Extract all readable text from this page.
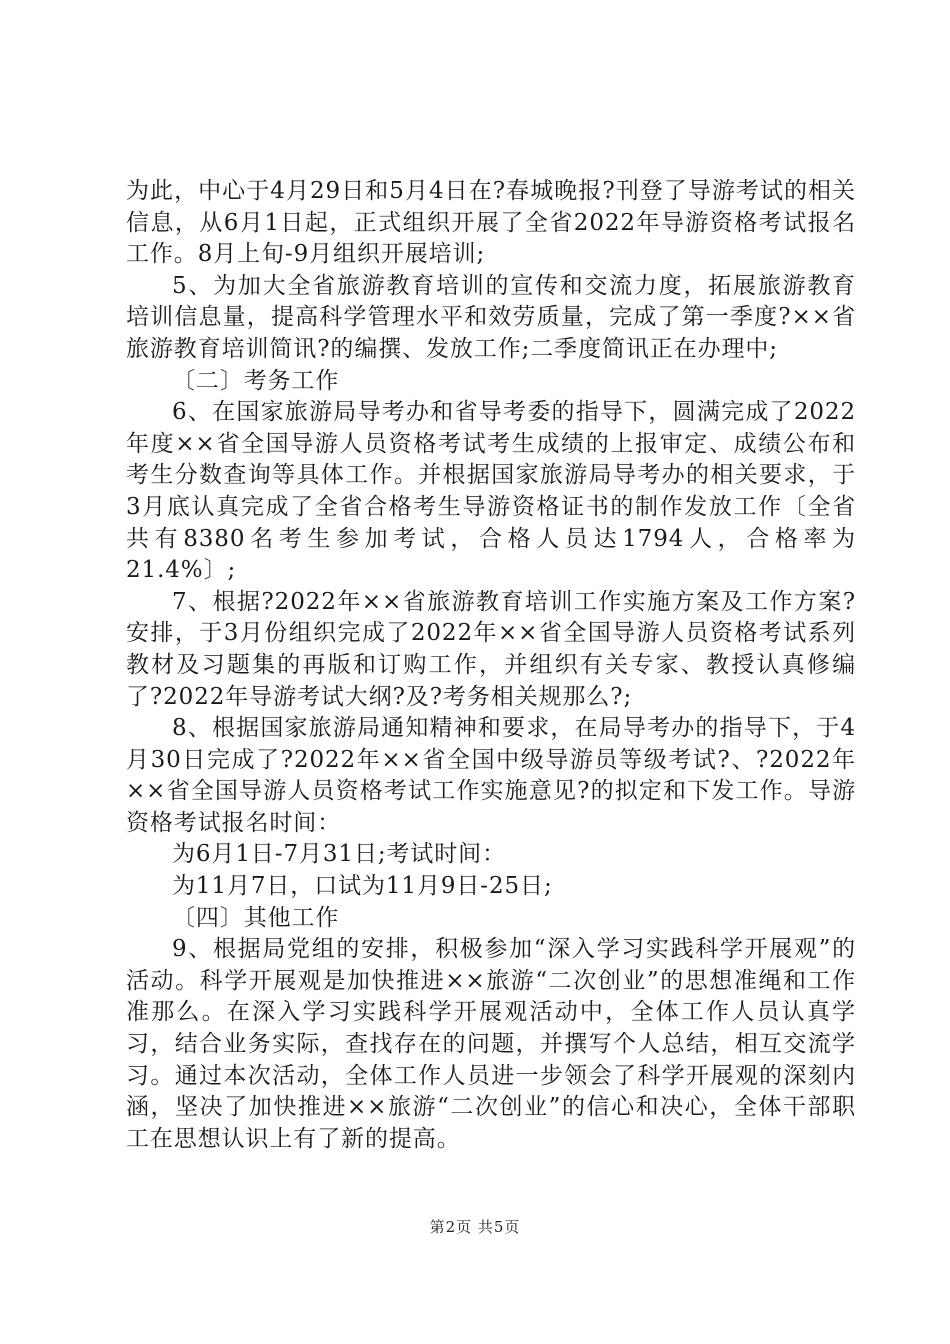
为此，中心于4月29日和5月4日在?春城晚报?刊登了导游考试的相关信息，从6月1日起，正式组织开展了全省2022年导游资格考试报名工作。8月上旬-9月组织开展培训;

5、为加大全省旅游教育培训的宣传和交流力度，拓展旅游教育培训信息量，提高科学管理水平和效劳质量，完成了第一季度?××省旅游教育培训简讯?的编撰、发放工作;二季度简讯正在办理中;

〔二〕考务工作

6、在国家旅游局导考办和省导考委的指导下，圆满完成了2022年度××省全国导游人员资格考试考生成绩的上报审定、成绩公布和考生分数查询等具体工作。并根据国家旅游局导考办的相关要求，于3月底认真完成了全省合格考生导游资格证书的制作发放工作〔全省共有8380名考生参加考试，合格人员达1794人，合格率为21.4%〕;

7、根据?2022年××省旅游教育培训工作实施方案及工作方案?安排，于3月份组织完成了2022年××省全国导游人员资格考试系列教材及习题集的再版和订购工作，并组织有关专家、教授认真修编了?2022年导游考试大纲?及?考务相关规那么?;

8、根据国家旅游局通知精神和要求，在局导考办的指导下，于4月30日完成了?2022年××省全国中级导游员等级考试?、?2022年××省全国导游人员资格考试工作实施意见?的拟定和下发工作。导游资格考试报名时间：

为6月1日-7月31日;考试时间：

为11月7日，口试为11月9日-25日;

〔四〕其他工作

9、根据局党组的安排，积极参加“深入学习实践科学开展观”的活动。科学开展观是加快推进××旅游“二次创业”的思想准绳和工作准那么。在深入学习实践科学开展观活动中，全体工作人员认真学习，结合业务实际，查找存在的问题，并撰写个人总结，相互交流学习。通过本次活动，全体工作人员进一步领会了科学开展观的深刻内涵，坚决了加快推进××旅游“二次创业”的信心和决心，全体干部职工在思想认识上有了新的提高。

第2页 共5页
